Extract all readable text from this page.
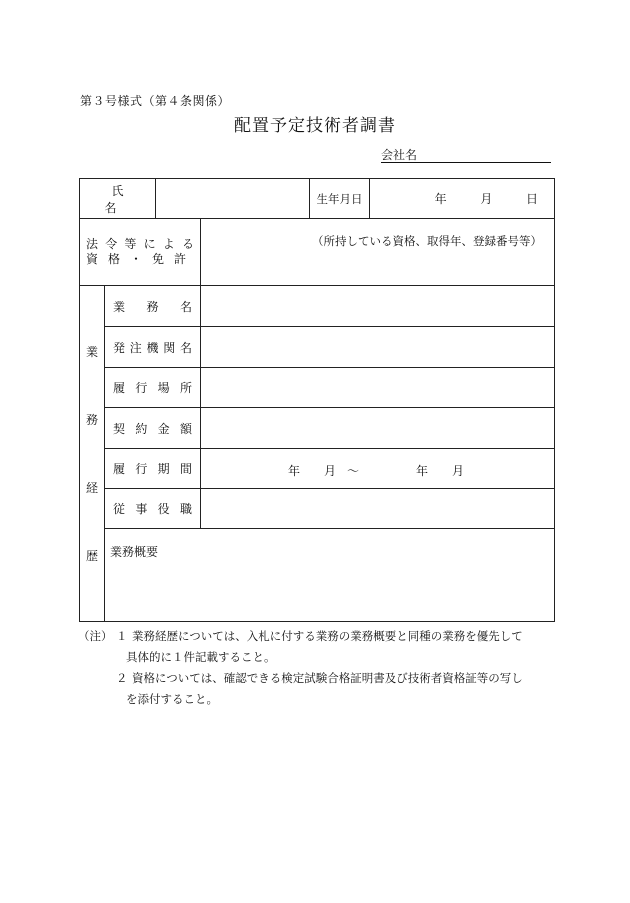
第３号様式（第４条関係）
配置予定技術者調書
会社名
氏　名				生年月日	年 月 日

法令等による
資格・免許			（所持している資格、取得年、登録番号等）		

業
務
経
歴	業務名				
	発注機関名				
	履行場所				
	契約金額				
	履行期間		年 月 〜 年 月		

	従事役職				
	業務概要				
（注） １ 業務経歴については、入札に付する業務の業務概要と同種の業務を優先して
具体的に１件記載すること。
２ 資格については、確認できる検定試験合格証明書及び技術者資格証等の写し
を添付すること。
